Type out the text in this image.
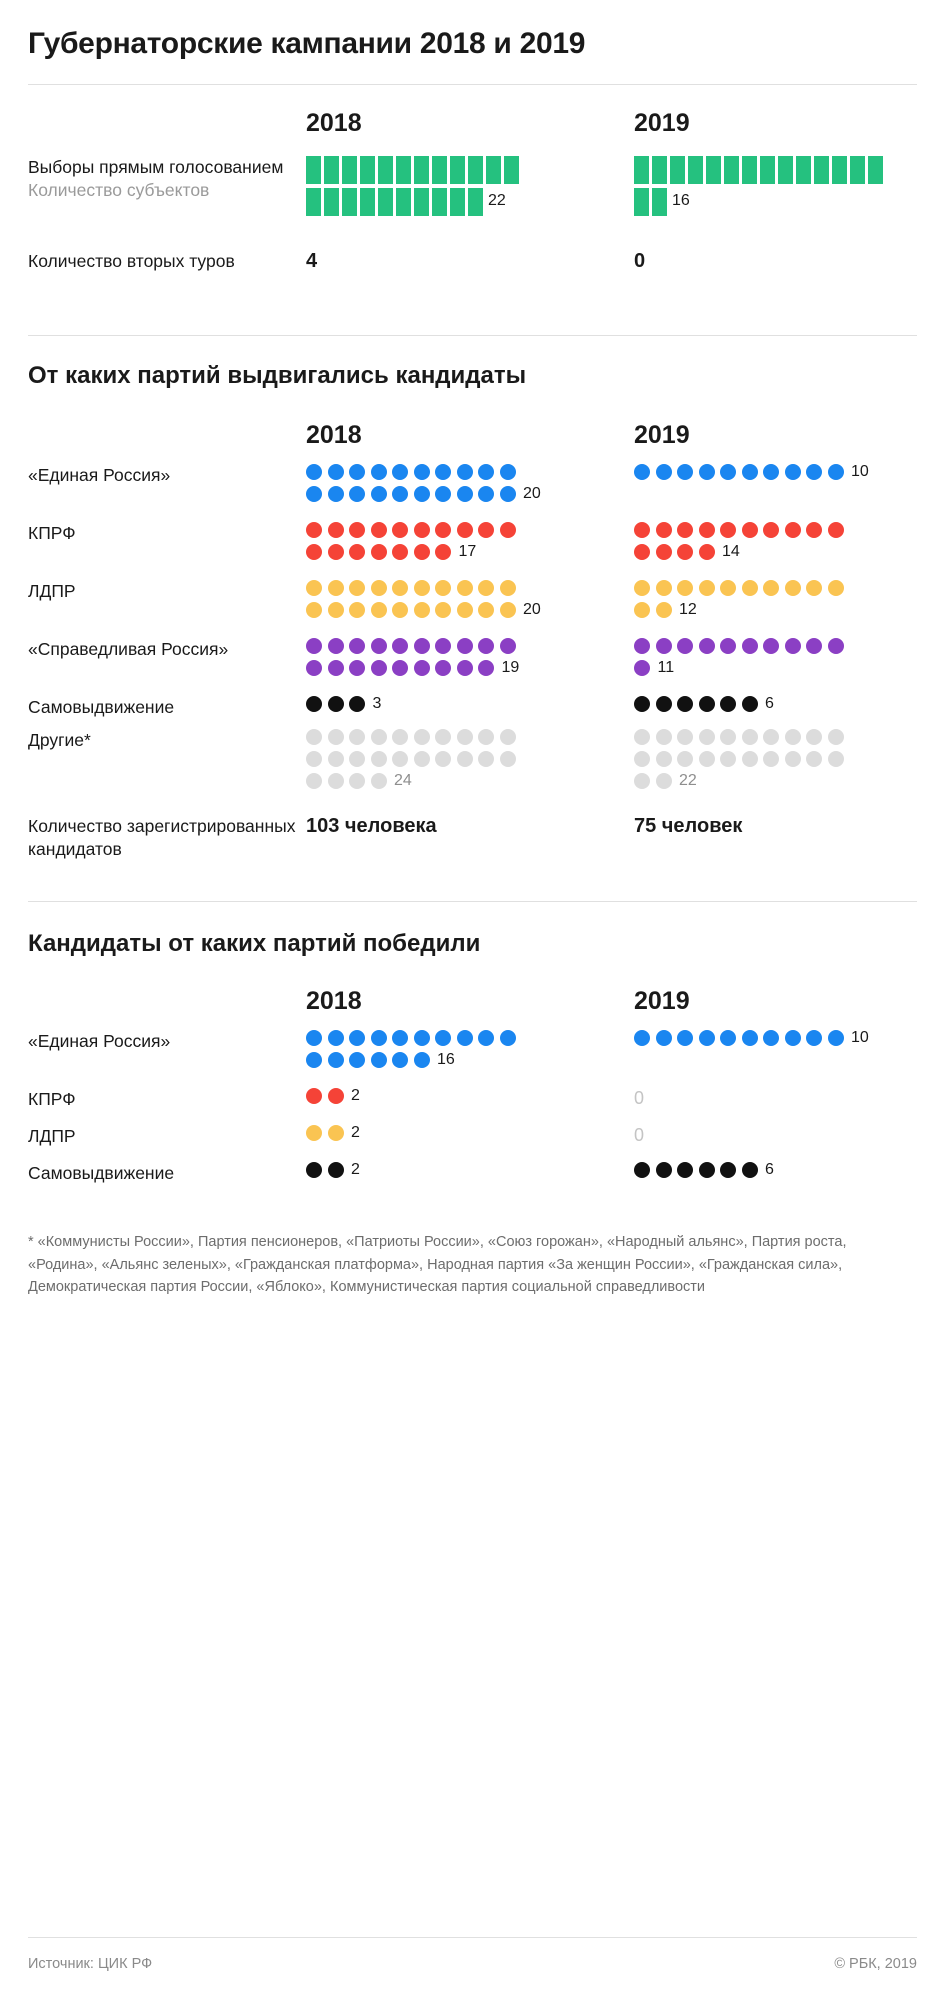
Губернаторские кампании 2018 и 2019
	2018	2019

Выборы прямым голосованием
Количество субъектов	22	16

Количество вторых туров	4	0
От каких партий выдвигались кандидаты
	2018	2019

«Единая Россия»	20	10

КПРФ	17	14

ЛДПР	20	12

«Справедливая Россия»	19	11

Самовыдвижение	3	6

Другие*	24	22

Количество зарегистрированных кандидатов	103 человека	75 человек
Кандидаты от каких партий победили
	2018	2019

«Единая Россия»	16	10

КПРФ	2	0

ЛДПР	2	0

Самовыдвижение	2	6
* «Коммунисты России», Партия пенсионеров, «Патриоты России», «Союз горожан», «Народный альянс», Партия роста, «Родина», «Альянс зеленых», «Гражданская платформа», Народная партия «За женщин России», «Гражданская сила», Демократическая партия России, «Яблоко», Коммунистическая партия социальной справедливости
Источник: ЦИК РФ	© РБК, 2019
